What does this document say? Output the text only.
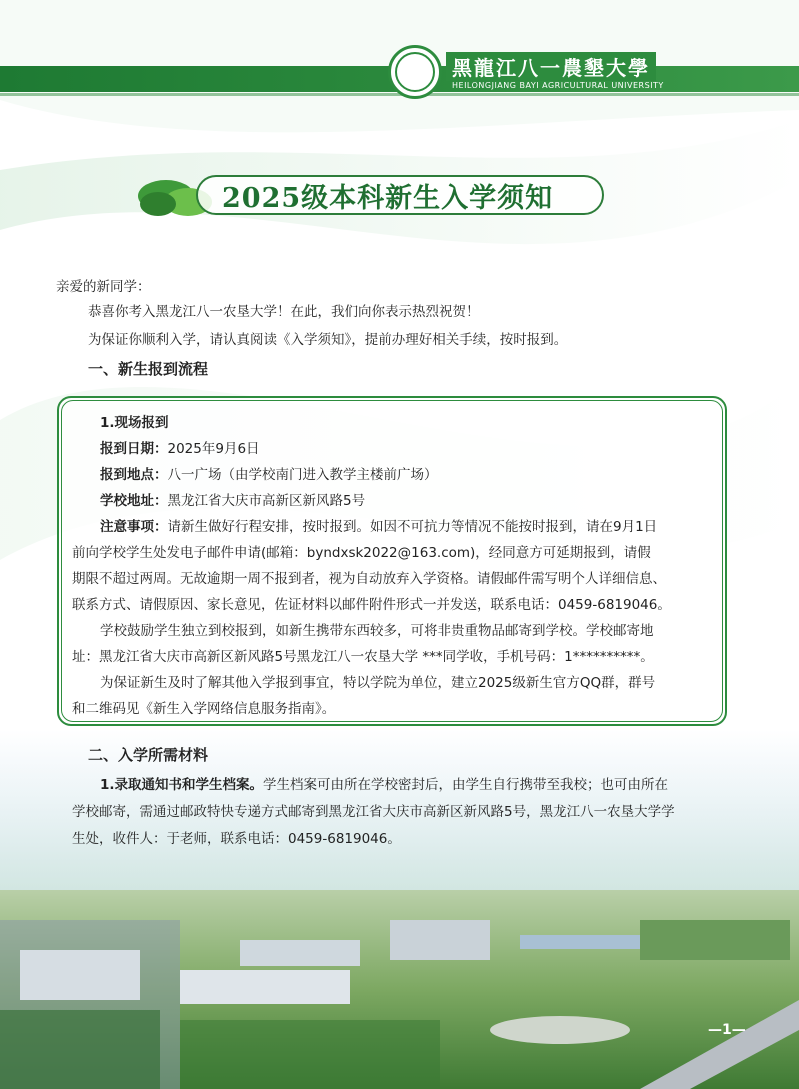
黑龍江八一農墾大學
HEILONGJIANG BAYI AGRICULTURAL UNIVERSITY
2025级本科新生入学须知
亲爱的新同学：
恭喜你考入黑龙江八一农垦大学！在此，我们向你表示热烈祝贺！
为保证你顺利入学，请认真阅读《入学须知》，提前办理好相关手续，按时报到。
一、新生报到流程
1.现场报到
报到日期：2025年9月6日
报到地点：八一广场（由学校南门进入教学主楼前广场）
学校地址：黑龙江省大庆市高新区新风路5号
注意事项：请新生做好行程安排，按时报到。如因不可抗力等情况不能按时报到，请在9月1日
前向学校学生处发电子邮件申请(邮箱：byndxsk2022@163.com)，经同意方可延期报到，请假
期限不超过两周。无故逾期一周不报到者，视为自动放弃入学资格。请假邮件需写明个人详细信息、
联系方式、请假原因、家长意见，佐证材料以邮件附件形式一并发送，联系电话：0459-6819046。
学校鼓励学生独立到校报到，如新生携带东西较多，可将非贵重物品邮寄到学校。学校邮寄地
址：黑龙江省大庆市高新区新风路5号黑龙江八一农垦大学 ***同学收，手机号码：1**********。
为保证新生及时了解其他入学报到事宜，特以学院为单位，建立2025级新生官方QQ群，群号
和二维码见《新生入学网络信息服务指南》。
二、入学所需材料
1.录取通知书和学生档案。学生档案可由所在学校密封后，由学生自行携带至我校；也可由所在
学校邮寄，需通过邮政特快专递方式邮寄到黑龙江省大庆市高新区新风路5号，黑龙江八一农垦大学学
生处，收件人：于老师，联系电话：0459-6819046。
—1—
